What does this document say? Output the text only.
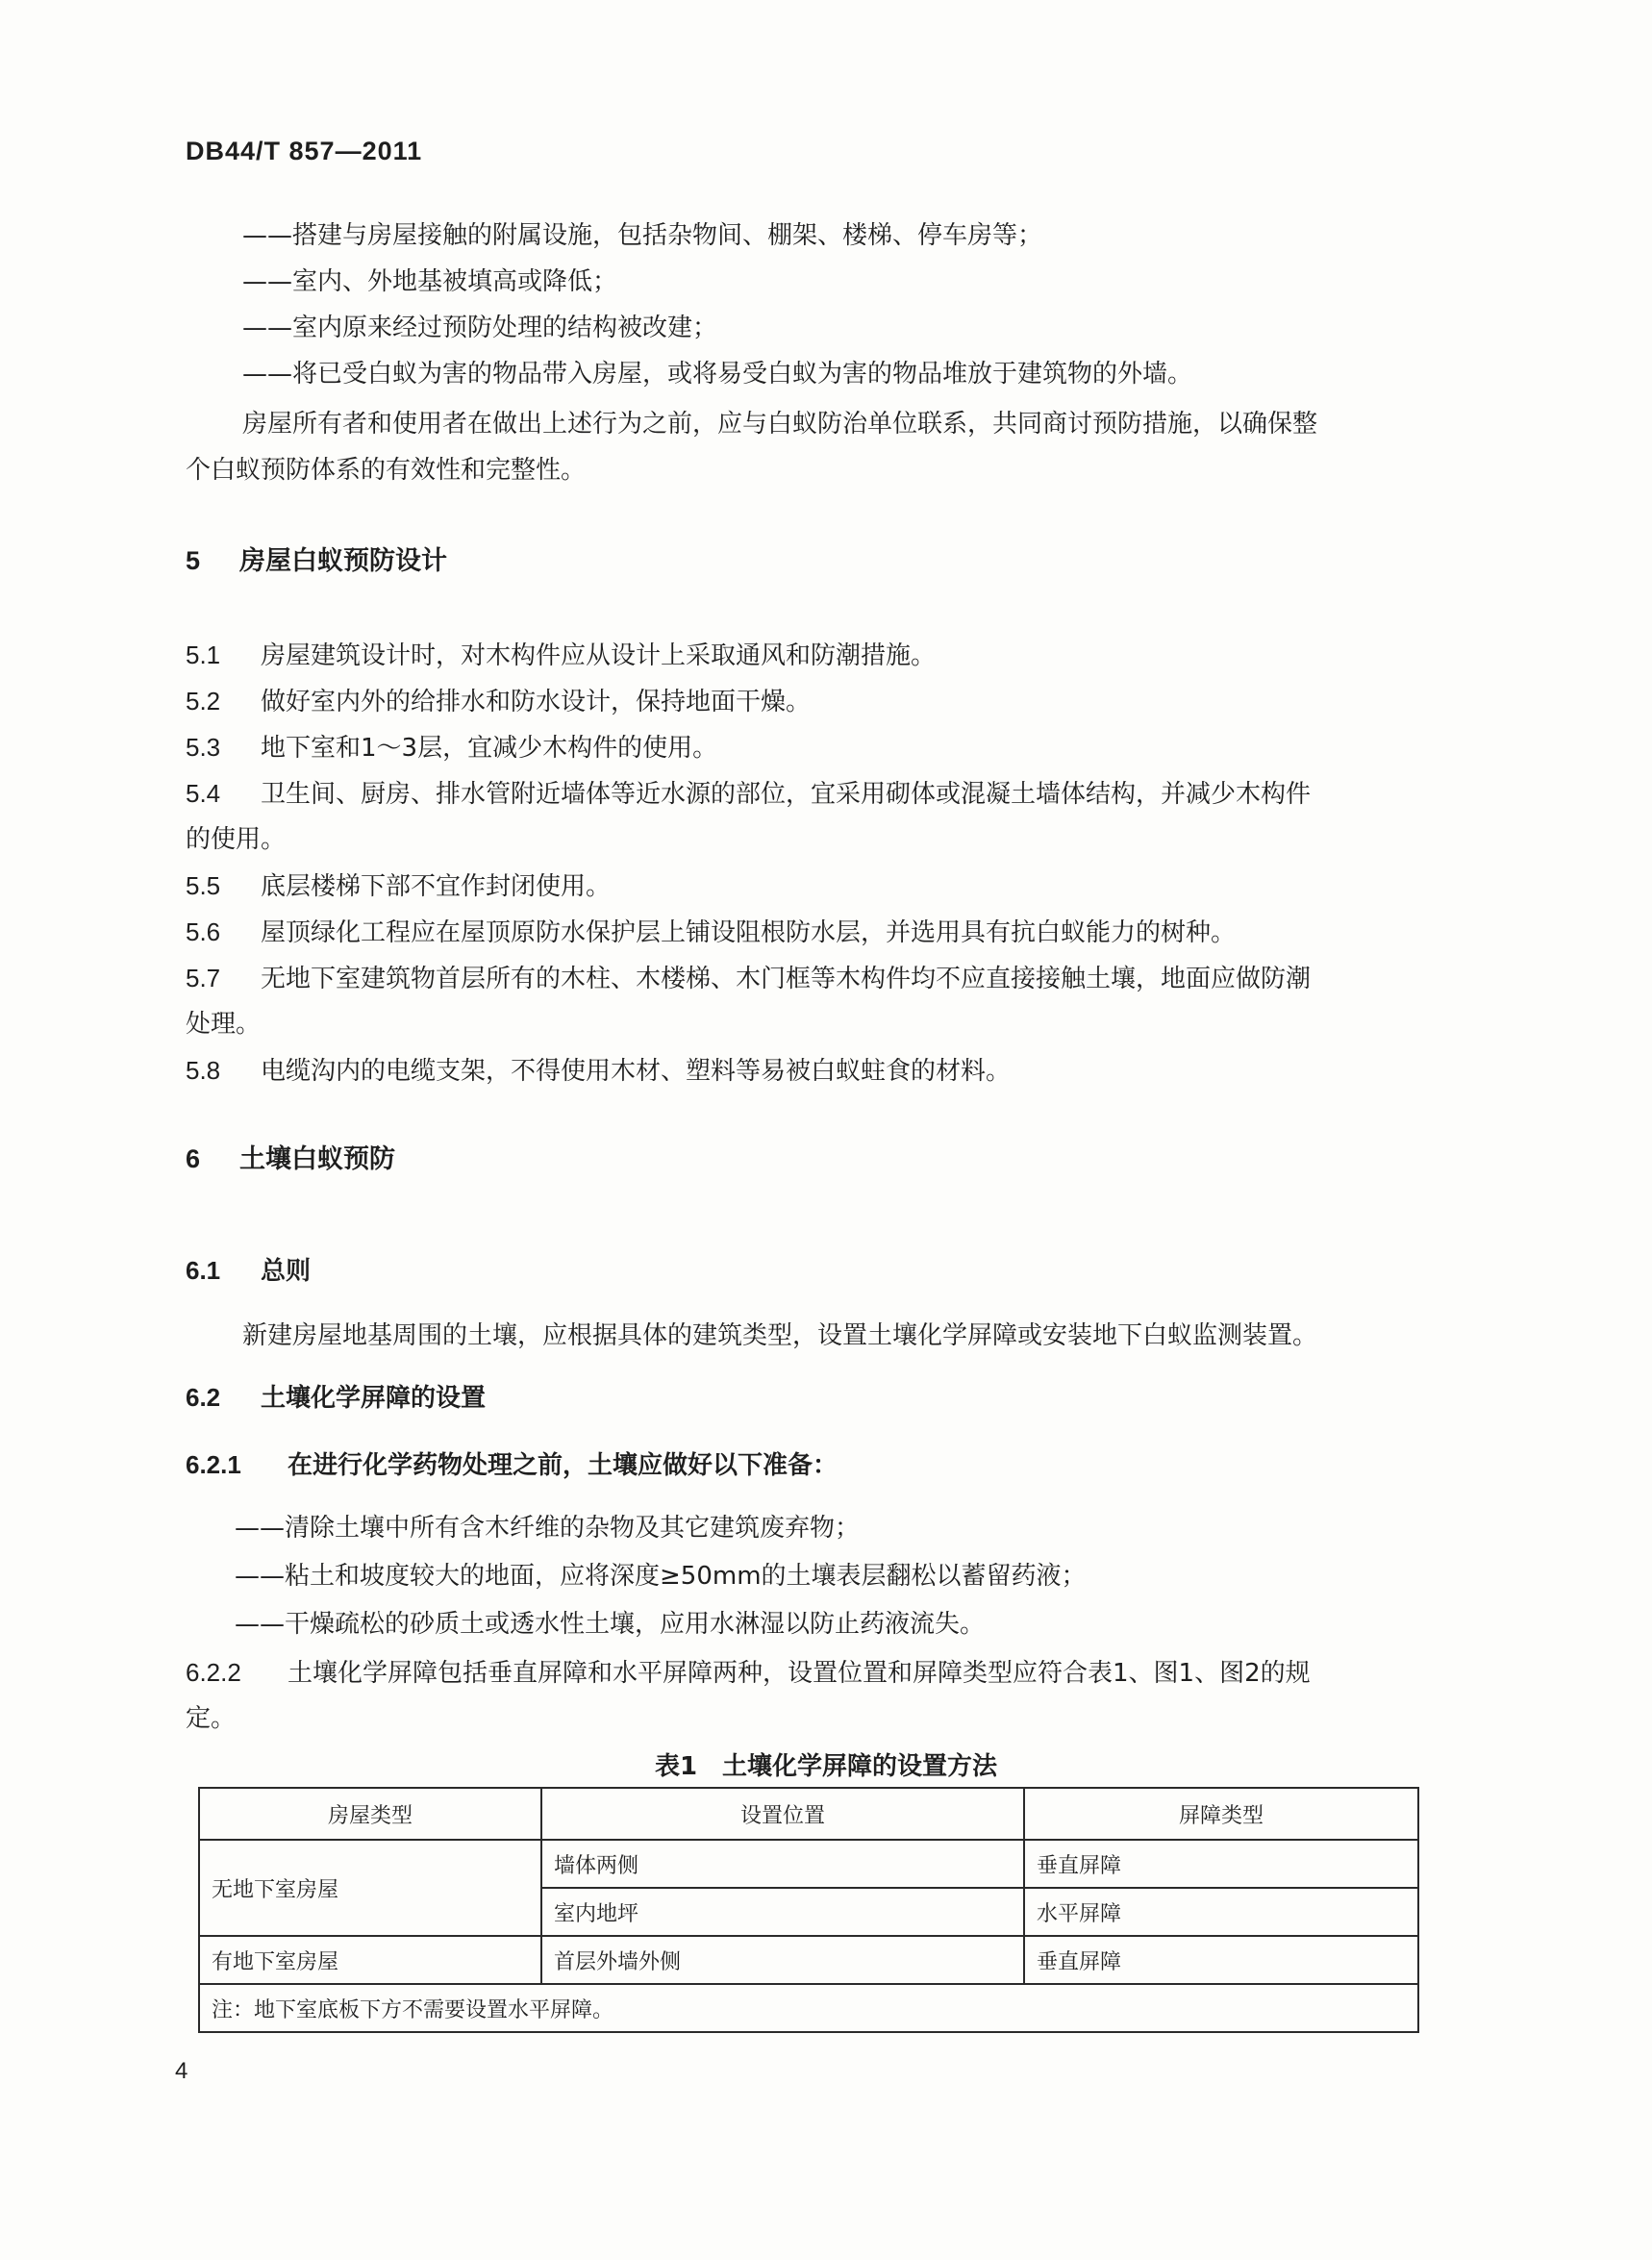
DB44/T 857—2011
——搭建与房屋接触的附属设施，包括杂物间、棚架、楼梯、停车房等；
——室内、外地基被填高或降低；
——室内原来经过预防处理的结构被改建；
——将已受白蚁为害的物品带入房屋，或将易受白蚁为害的物品堆放于建筑物的外墙。
房屋所有者和使用者在做出上述行为之前，应与白蚁防治单位联系，共同商讨预防措施，以确保整
个白蚁预防体系的有效性和完整性。
5 房屋白蚁预防设计
5.1 房屋建筑设计时，对木构件应从设计上采取通风和防潮措施。
5.2 做好室内外的给排水和防水设计，保持地面干燥。
5.3 地下室和1～3层，宜减少木构件的使用。
5.4 卫生间、厨房、排水管附近墙体等近水源的部位，宜采用砌体或混凝土墙体结构，并减少木构件
的使用。
5.5 底层楼梯下部不宜作封闭使用。
5.6 屋顶绿化工程应在屋顶原防水保护层上铺设阻根防水层，并选用具有抗白蚁能力的树种。
5.7 无地下室建筑物首层所有的木柱、木楼梯、木门框等木构件均不应直接接触土壤，地面应做防潮
处理。
5.8 电缆沟内的电缆支架，不得使用木材、塑料等易被白蚁蛀食的材料。
6 土壤白蚁预防
6.1 总则
新建房屋地基周围的土壤，应根据具体的建筑类型，设置土壤化学屏障或安装地下白蚁监测装置。
6.2 土壤化学屏障的设置
6.2.1 在进行化学药物处理之前，土壤应做好以下准备：
——清除土壤中所有含木纤维的杂物及其它建筑废弃物；
——粘土和坡度较大的地面，应将深度≥50mm的土壤表层翻松以蓄留药液；
——干燥疏松的砂质土或透水性土壤，应用水淋湿以防止药液流失。
6.2.2 土壤化学屏障包括垂直屏障和水平屏障两种，设置位置和屏障类型应符合表1、图1、图2的规
定。
表1　土壤化学屏障的设置方法
房屋类型	设置位置	屏障类型
无地下室房屋	墙体两侧	垂直屏障
	室内地坪	水平屏障
有地下室房屋	首层外墙外侧	垂直屏障
注：地下室底板下方不需要设置水平屏障。		
4
